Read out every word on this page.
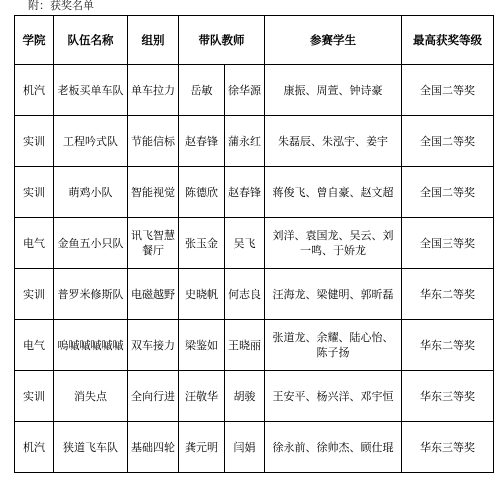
附：获奖名单
学院	队伍名称	组别	带队教师		参赛学生	最高获奖等级
机汽	老板买单车队	单车拉力	岳敏	徐华源	康振、周萱、钟诗豪	全国二等奖
实训	工程吟式队	节能信标	赵春锋	蒲永红	朱磊辰、朱泓宇、姜宇	全国二等奖
实训	萌鸡小队	智能视觉	陈德欣	赵春锋	蒋俊飞、曾自豪、赵文超	全国二等奖
电气	金鱼五小只队	讯飞智慧餐厅	张玉金	吴飞	刘洋、袁国龙、吴云、刘一鸣、于娇龙	全国三等奖
实训	普罗米修斯队	电磁越野	史晓帆	何志良	汪海龙、梁健明、郭昕磊	华东二等奖
电气	嗚嘁嘁嘁嘁嘁	双车接力	梁鉴如	王晓丽	张道龙、余耀、陆心怡、陈子扬	华东二等奖
实训	消失点	全向行进	汪敬华	胡骏	王安平、杨兴洋、邓宇恒	华东三等奖
机汽	狭道飞车队	基础四轮	龚元明	闫娟	徐永前、徐帅杰、顾仕琨	华东三等奖
